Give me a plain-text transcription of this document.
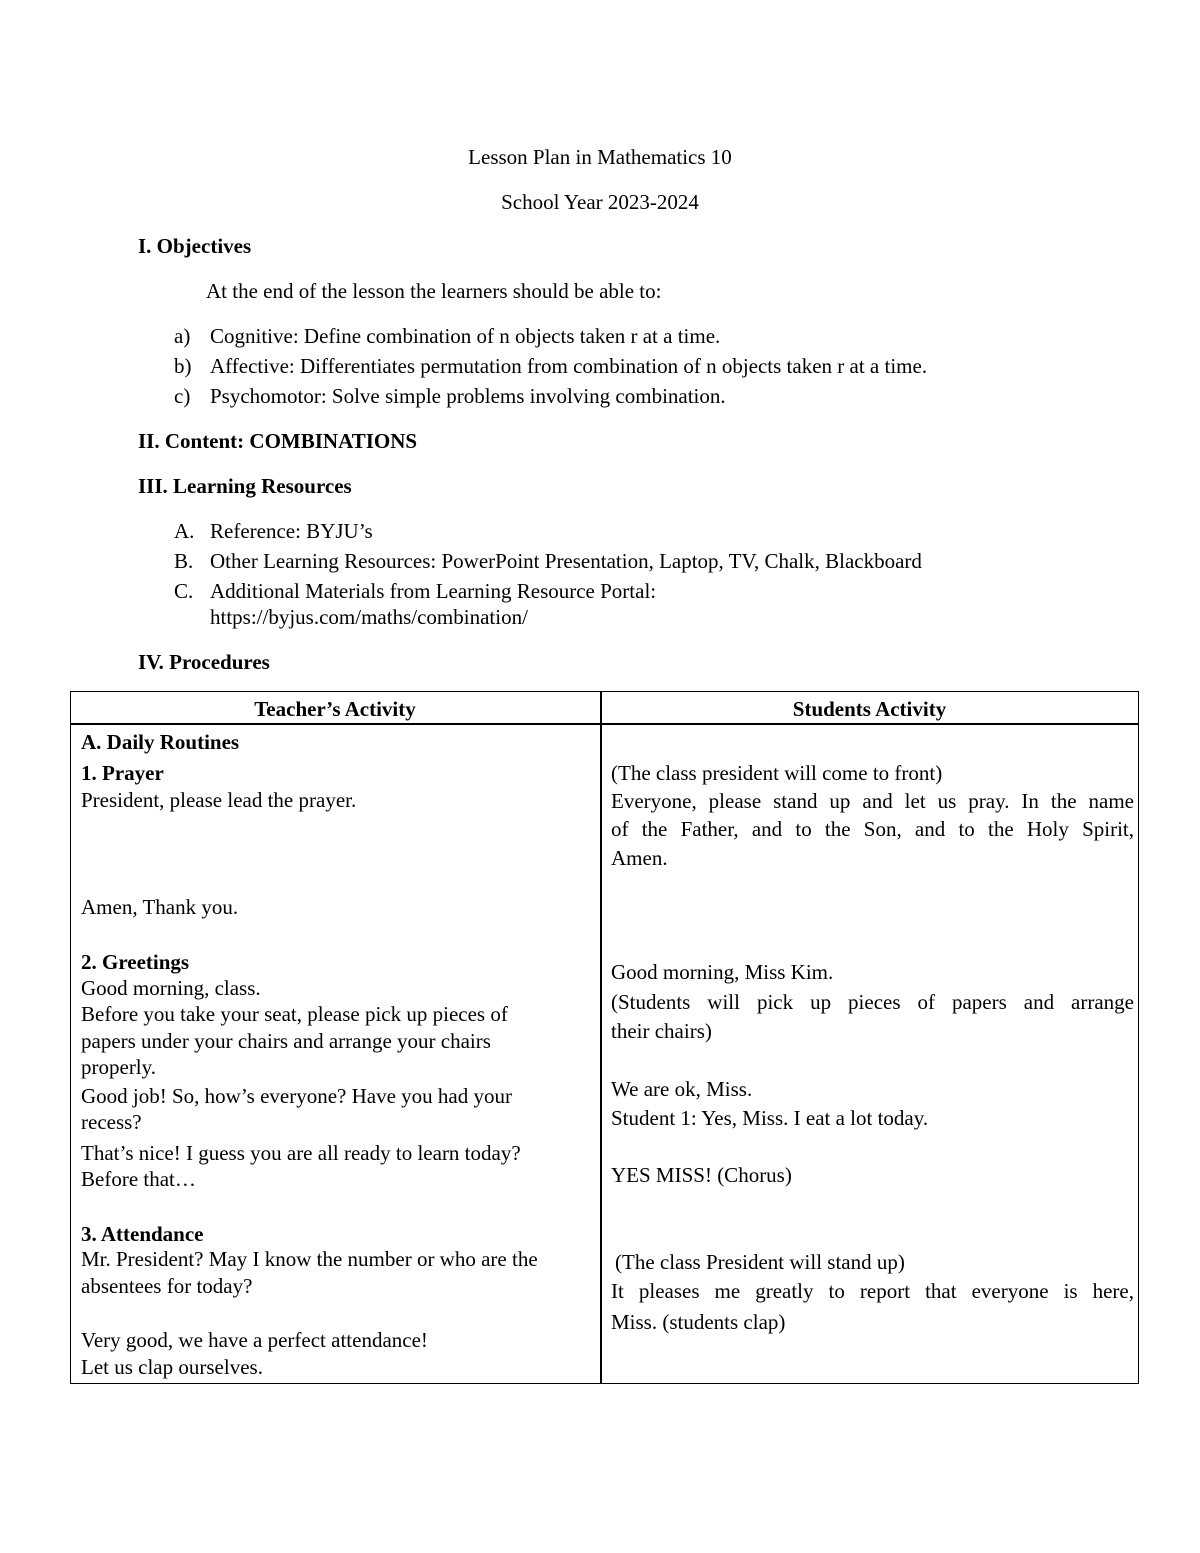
Lesson Plan in Mathematics 10
School Year 2023-2024
I. Objectives
At the end of the lesson the learners should be able to:
a) Cognitive: Define combination of n objects taken r at a time.
b) Affective: Differentiates permutation from combination of n objects taken r at a time.
c) Psychomotor: Solve simple problems involving combination.
II. Content: COMBINATIONS
III. Learning Resources
A. Reference: BYJU’s
B. Other Learning Resources: PowerPoint Presentation, Laptop, TV, Chalk, Blackboard
C. Additional Materials from Learning Resource Portal:
https://byjus.com/maths/combination/
IV. Procedures
Teacher’s Activity	Students Activity
A. Daily Routines
1. Prayer
President, please lead the prayer.
Amen, Thank you.
2. Greetings
Good morning, class.
Before you take your seat, please pick up pieces of
papers under your chairs and arrange your chairs
properly.
Good job! So, how’s everyone? Have you had your
recess?
That’s nice! I guess you are all ready to learn today?
Before that…
3. Attendance
Mr. President? May I know the number or who are the
absentees for today?
Very good, we have a perfect attendance!
Let us clap ourselves.
(The class president will come to front)
Everyone, please stand up and let us pray. In the name
of the Father, and to the Son, and to the Holy Spirit,
Amen.
Good morning, Miss Kim.
(Students will pick up pieces of papers and arrange
their chairs)
We are ok, Miss.
Student 1: Yes, Miss. I eat a lot today.
YES MISS! (Chorus)
(The class President will stand up)
It pleases me greatly to report that everyone is here,
Miss. (students clap)
